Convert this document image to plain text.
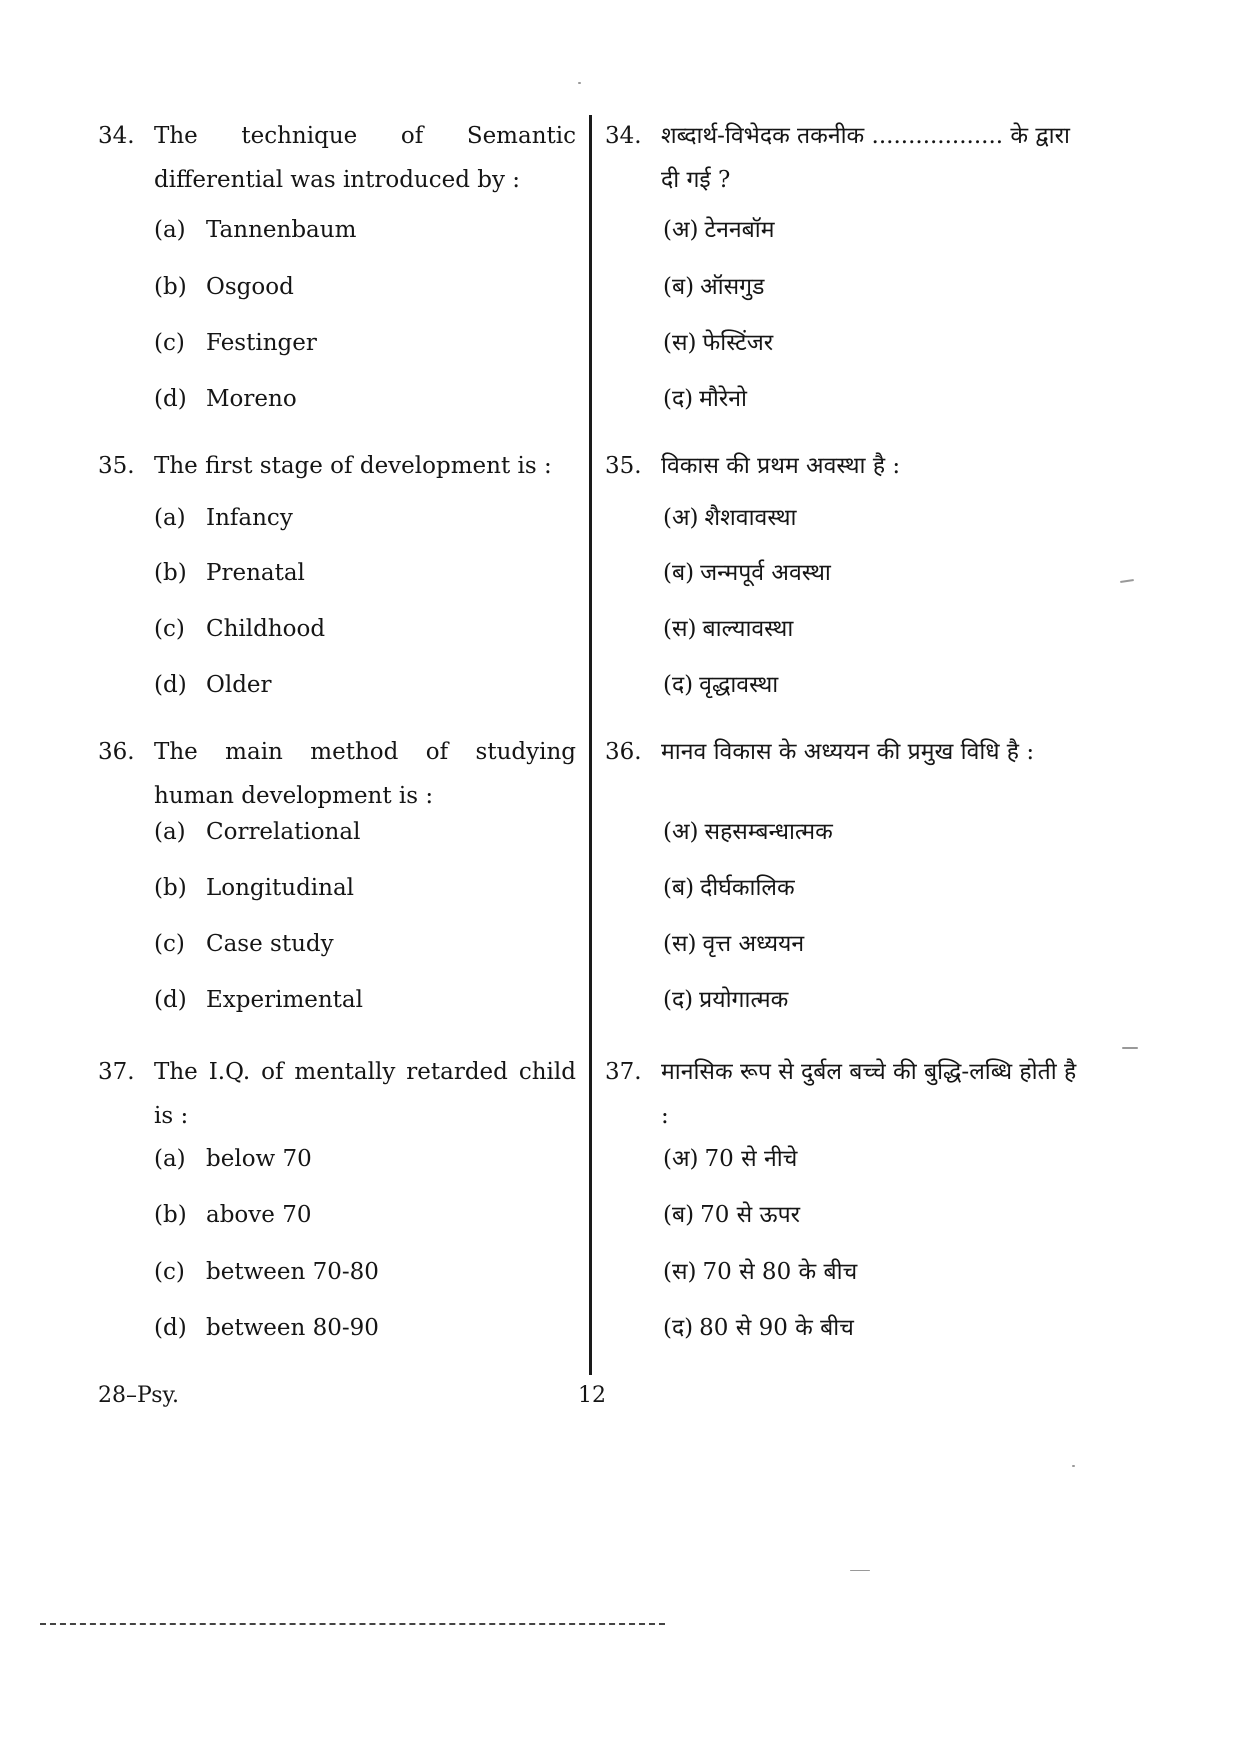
34. The technique of Semantic differential was introduced by :
(a) Tannenbaum
(b) Osgood
(c) Festinger
(d) Moreno
35. The first stage of development is :
(a) Infancy
(b) Prenatal
(c) Childhood
(d) Older
36. The main method of studying human development is :
(a) Correlational
(b) Longitudinal
(c) Case study
(d) Experimental
37. The I.Q. of mentally retarded child is :
(a) below 70
(b) above 70
(c) between 70-80
(d) between 80-90
34. शब्दार्थ-विभेदक तकनीक .................. के द्वारा दी गई ?
(अ) टेननबॉम
(ब) ऑसगुड
(स) फेस्टिंजर
(द) मौरेनो
35. विकास की प्रथम अवस्था है :
(अ) शैशवावस्था
(ब) जन्मपूर्व अवस्था
(स) बाल्यावस्था
(द) वृद्धावस्था
36. मानव विकास के अध्ययन की प्रमुख विधि है :
(अ) सहसम्बन्धात्मक
(ब) दीर्घकालिक
(स) वृत्त अध्ययन
(द) प्रयोगात्मक
37. मानसिक रूप से दुर्बल बच्चे की बुद्धि-लब्धि होती है :
(अ) 70 से नीचे
(ब) 70 से ऊपर
(स) 70 से 80 के बीच
(द) 80 से 90 के बीच
28–Psy.	12
